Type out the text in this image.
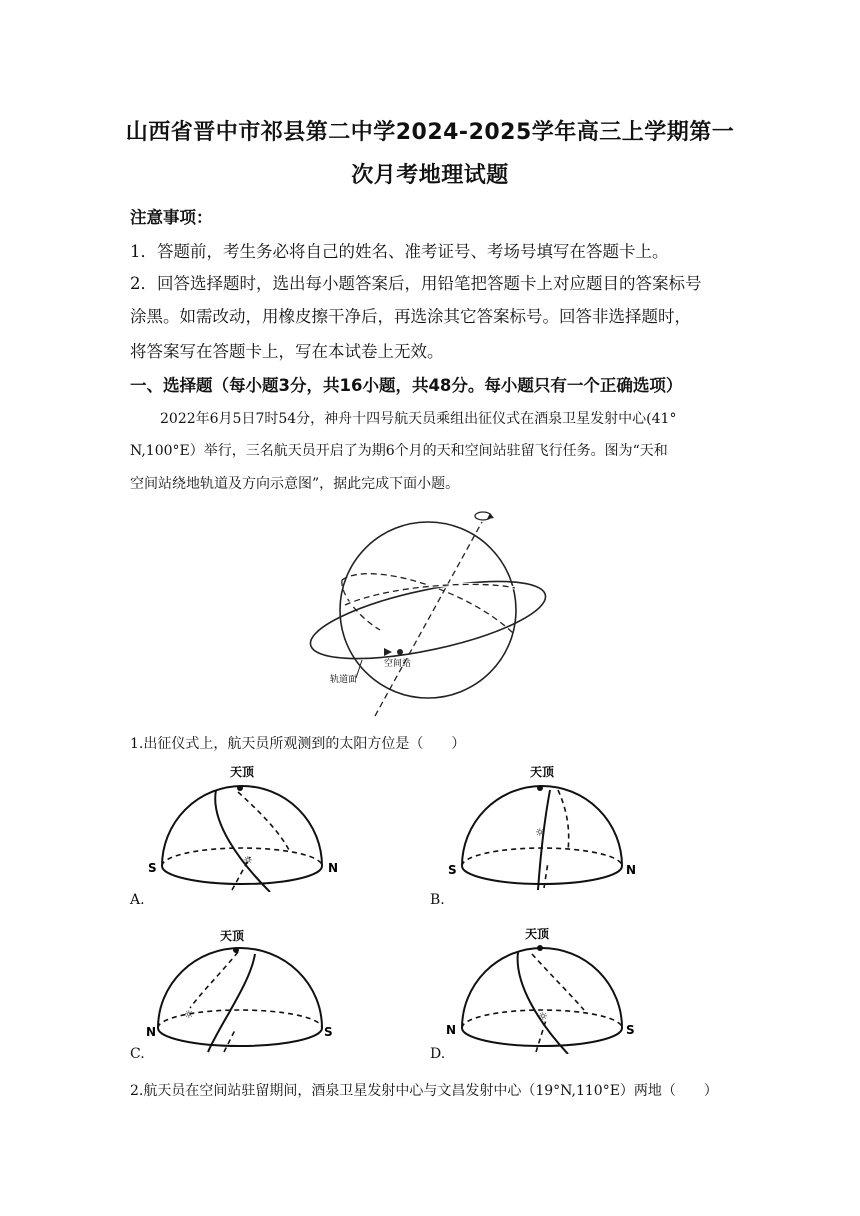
山西省晋中市祁县第二中学2024-2025学年高三上学期第一
次月考地理试题
注意事项：
1．答题前，考生务必将自己的姓名、准考证号、考场号填写在答题卡上。
2．回答选择题时，选出每小题答案后，用铅笔把答题卡上对应题目的答案标号
涂黑。如需改动，用橡皮擦干净后，再选涂其它答案标号。回答非选择题时，
将答案写在答题卡上，写在本试卷上无效。
一、选择题（每小题3分，共16小题，共48分。每小题只有一个正确选项）
2022年6月5日7时54分，神舟十四号航天员乘组出征仪式在酒泉卫星发射中心(41°
N,100°E）举行，三名航天员开启了为期6个月的天和空间站驻留飞行任务。图为“天和
空间站绕地轨道及方向示意图”，据此完成下面小题。
空间站
轨道面
1.出征仪式上，航天员所观测到的太阳方位是（　　）
天顶
☼
S	N
A.
天顶
☼
S	N
B.
天顶
☼
N	S
C.
天顶
☼
N	S
D.
2.航天员在空间站驻留期间，酒泉卫星发射中心与文昌发射中心（19°N,110°E）两地（　　）
